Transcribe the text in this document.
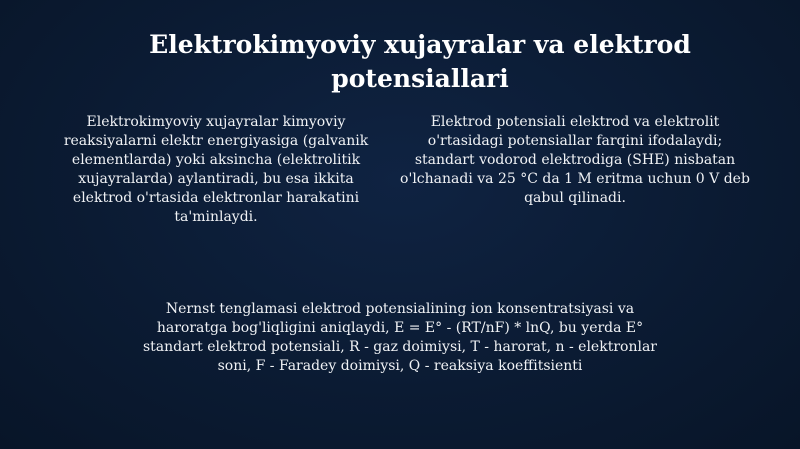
Elektrokimyoviy xujayralar va elektrod potensiallari

Elektrokimyoviy xujayralar kimyoviy reaksiyalarni elektr energiyasiga (galvanik elementlarda) yoki aksincha (elektrolitik xujayralarda) aylantiradi, bu esa ikkita elektrod o'rtasida elektronlar harakatini ta'minlaydi.

Elektrod potensiali elektrod va elektrolit o'rtasidagi potensiallar farqini ifodalaydi; standart vodorod elektrodiga (SHE) nisbatan o'lchanadi va 25 °C da 1 M eritma uchun 0 V deb qabul qilinadi.

Nernst tenglamasi elektrod potensialining ion konsentratsiyasi va haroratga bog'liqligini aniqlaydi, E = E° - (RT/nF) * lnQ, bu yerda E° standart elektrod potensiali, R - gaz doimiysi, T - harorat, n - elektronlar soni, F - Faradey doimiysi, Q - reaksiya koeffitsienti
